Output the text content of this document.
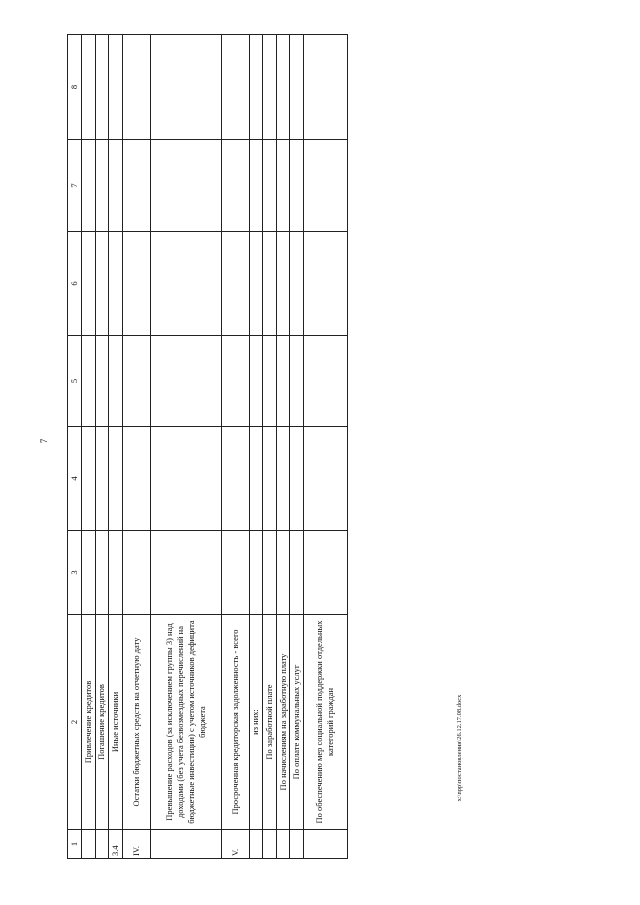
7
1	2	3	4	5	6	7	8
	Привлечение кредитов						
	Погашение кредитов						
3.4	Иные источники						
IV.	Остатки бюджетных средств на отчетную дату						
	Превышение расходов (за исключением группы 3) над доходами (без учета безвозмездных перечислений на бюджетные инвестиции) с учетом источников дефицита бюджета						
V.	Просроченная кредиторская задолженность - всего						
	из них:						
	По заработной плате						
	По начислениям на заработную плату						
	По оплате коммунальных услуг						
	По обеспечению мер социальной поддержки отдельных категорий граждан							x:\npp\постановления\26.12.17.08.docx
